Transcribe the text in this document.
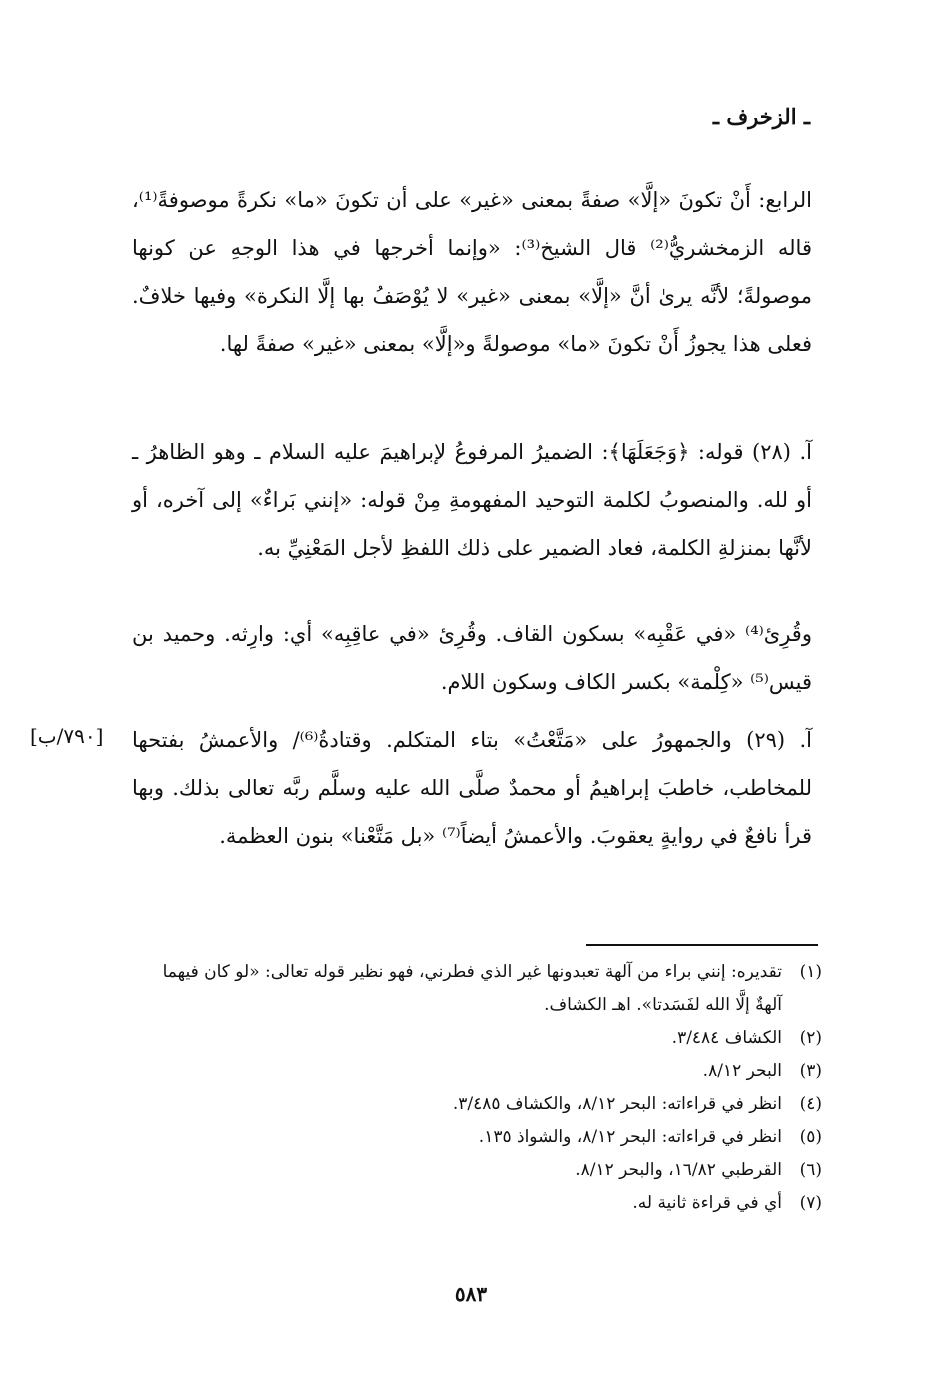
ـ الزخرف ـ

الرابع: أَنْ تكونَ «إلَّا» صفةً بمعنى «غير» على أن تكونَ «ما» نكرةً موصوفةً⁽¹⁾، قاله الزمخشريُّ⁽²⁾ قال الشيخ⁽³⁾: «وإنما أخرجها في هذا الوجهِ عن كونها موصولةً؛ لأنَّه يرىٰ أنَّ «إلَّا» بمعنى «غير» لا يُوْصَفُ بها إلَّا النكرة» وفيها خلافٌ. فعلى هذا يجوزُ أَنْ تكونَ «ما» موصولةً و«إلَّا» بمعنى «غير» صفةً لها.

آ. (٢٨) قوله: ﴿وَجَعَلَهَا﴾: الضميرُ المرفوعُ لإبراهيمَ عليه السلام ـ وهو الظاهرُ ـ أو لله. والمنصوبُ لكلمة التوحيد المفهومةِ مِنْ قوله: «إنني بَراءٌ» إلى آخره، أو لأنَّها بمنزلةِ الكلمة، فعاد الضمير على ذلك اللفظِ لأجل المَعْنِيِّ به.

وقُرِئ⁽⁴⁾ «في عَقْبِه» بسكون القاف. وقُرِئ «في عاقِبِه» أي: وارِثه. وحميد بن قيس⁽⁵⁾ «كِلْمة» بكسر الكاف وسكون اللام.

آ. (٢٩) والجمهورُ على «مَتَّعْتُ» بتاء المتكلم. وقتادةُ⁽⁶⁾/ والأعمشُ بفتحها للمخاطب، خاطبَ إبراهيمُ أو محمدٌ صلَّى الله عليه وسلَّم ربَّه تعالى بذلك. وبها قرأ نافعٌ في روايةٍ يعقوبَ. والأعمشُ أيضاً⁽⁷⁾ «بل مَتَّعْنا» بنون العظمة.

[٧٩٠/ب]
(١)
تقديره: إنني براء من آلهة تعبدونها غير الذي فطرني، فهو نظير قوله تعالى: «لو كان فيهما آلهةٌ إلَّا الله لفَسَدتا». اهـ الكشاف.
(٢)
الكشاف ٣/٤٨٤.
(٣)
البحر ٨/١٢.
(٤)
انظر في قراءاته: البحر ٨/١٢، والكشاف ٣/٤٨٥.
(٥)
انظر في قراءاته: البحر ٨/١٢، والشواذ ١٣٥.
(٦)
القرطبي ١٦/٨٢، والبحر ٨/١٢.
(٧)
أي في قراءة ثانية له.
٥٨٣
